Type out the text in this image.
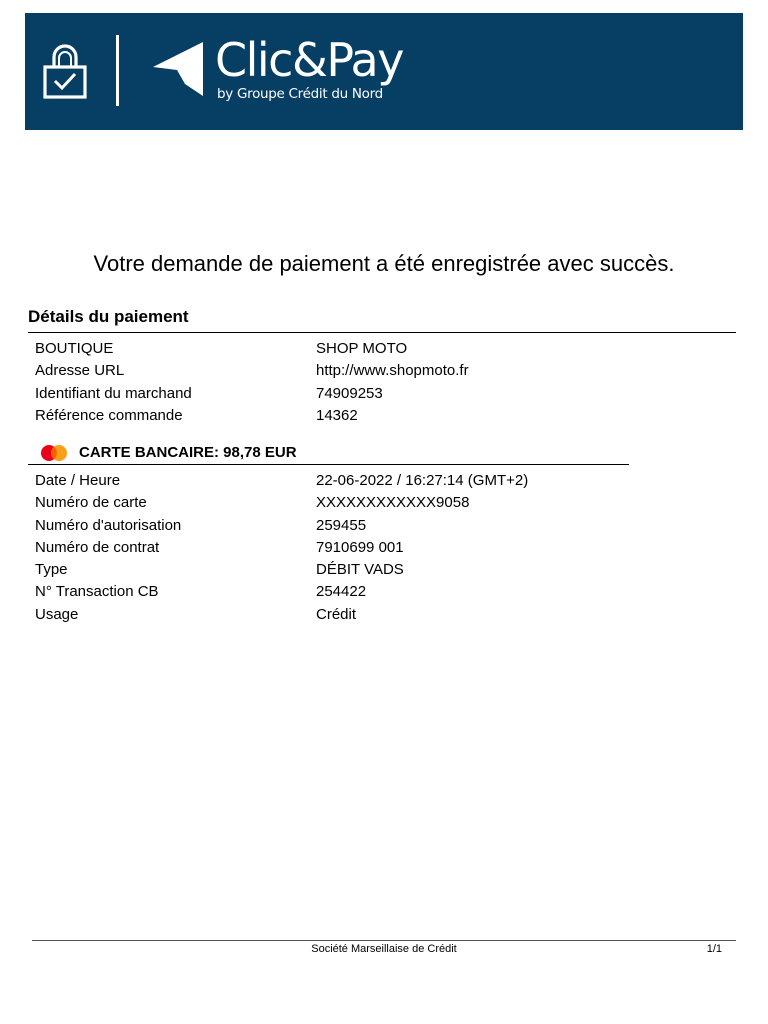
Clic&Pay
by Groupe Crédit du Nord
Votre demande de paiement a été enregistrée avec succès.
Détails du paiement
BOUTIQUE	SHOP MOTO
Adresse URL	http://www.shopmoto.fr
Identifiant du marchand	74909253
Référence commande	14362
CARTE BANCAIRE: 98,78 EUR
Date / Heure	22-06-2022 / 16:27:14 (GMT+2)
Numéro de carte	XXXXXXXXXXXX9058
Numéro d'autorisation	259455
Numéro de contrat	7910699 001
Type	DÉBIT VADS
N° Transaction CB	254422
Usage	Crédit
Société Marseillaise de Crédit	1/1
